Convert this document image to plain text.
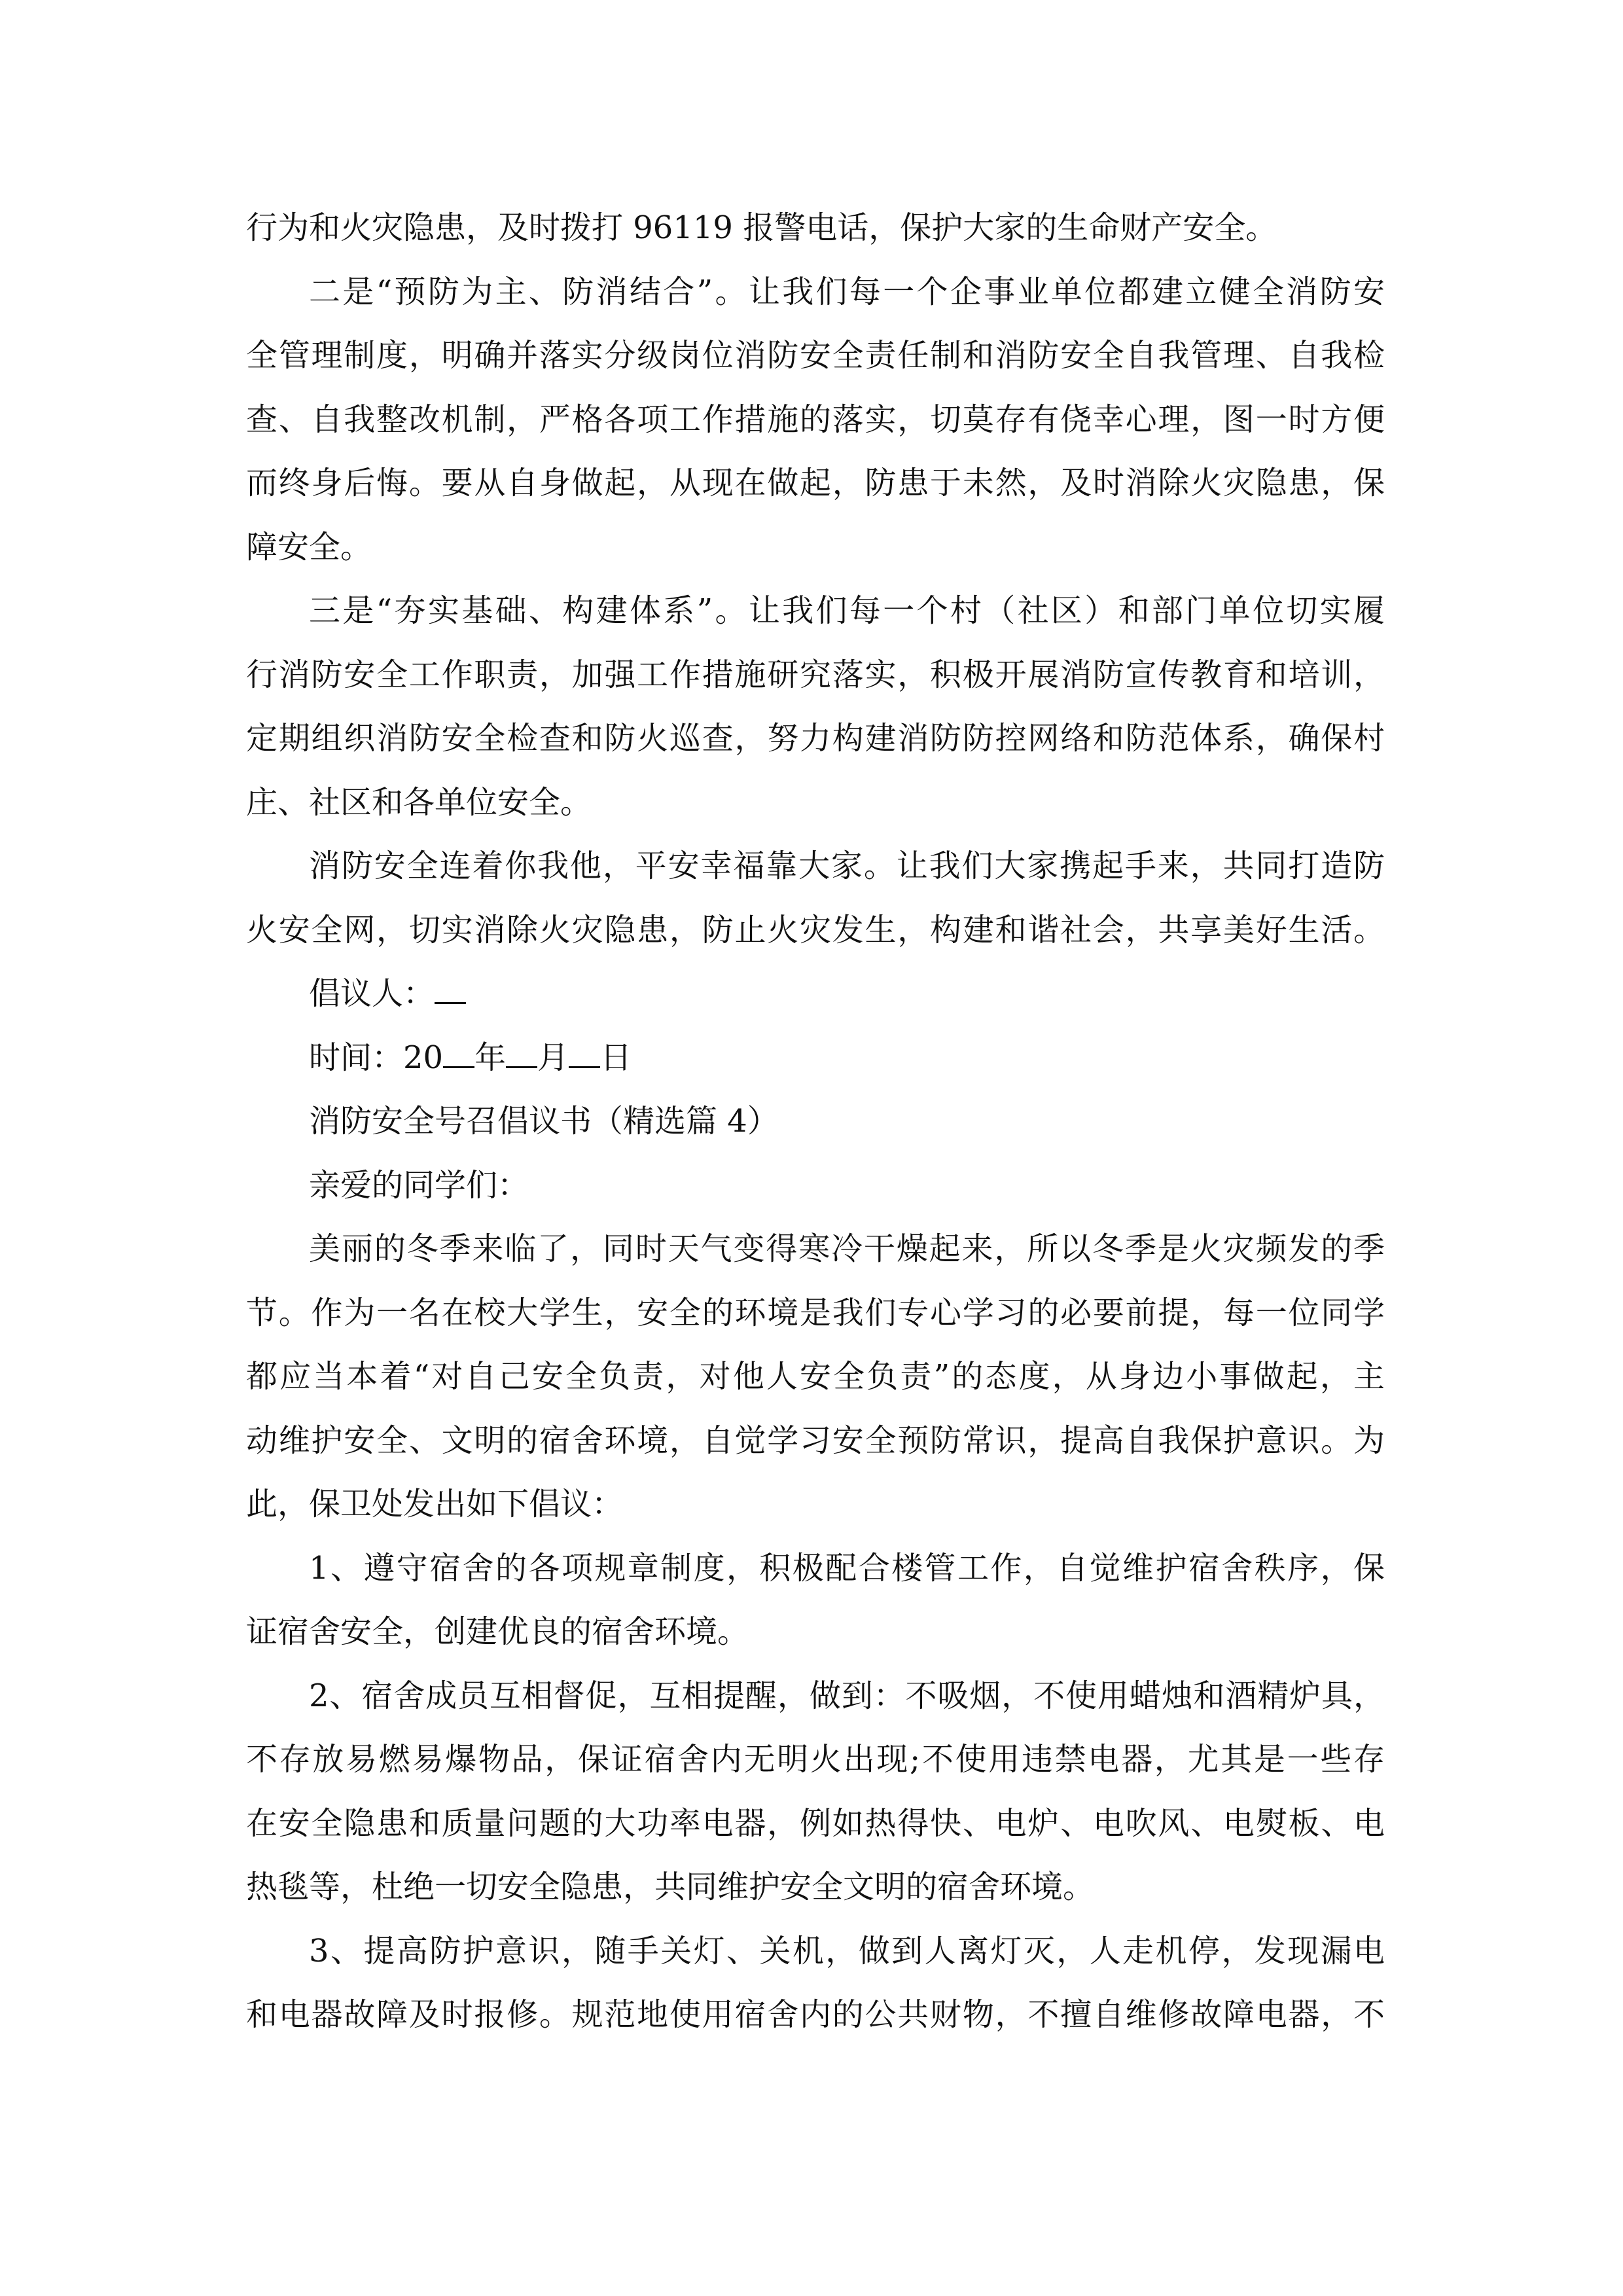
行为和火灾隐患，及时拨打 96119 报警电话，保护大家的生命财产安全。
二是“预防为主、防消结合”。让我们每一个企事业单位都建立健全消防安
全管理制度，明确并落实分级岗位消防安全责任制和消防安全自我管理、自我检
查、自我整改机制，严格各项工作措施的落实，切莫存有侥幸心理，图一时方便
而终身后悔。要从自身做起，从现在做起，防患于未然，及时消除火灾隐患，保
障安全。
三是“夯实基础、构建体系”。让我们每一个村（社区）和部门单位切实履
行消防安全工作职责，加强工作措施研究落实，积极开展消防宣传教育和培训，
定期组织消防安全检查和防火巡查，努力构建消防防控网络和防范体系，确保村
庄、社区和各单位安全。
消防安全连着你我他，平安幸福靠大家。让我们大家携起手来，共同打造防
火安全网，切实消除火灾隐患，防止火灾发生，构建和谐社会，共享美好生活。
倡议人：
时间：20 年 月 日
消防安全号召倡议书（精选篇 4）
亲爱的同学们：
美丽的冬季来临了，同时天气变得寒冷干燥起来，所以冬季是火灾频发的季
节。作为一名在校大学生，安全的环境是我们专心学习的必要前提，每一位同学
都应当本着“对自己安全负责，对他人安全负责”的态度，从身边小事做起，主
动维护安全、文明的宿舍环境，自觉学习安全预防常识，提高自我保护意识。为
此，保卫处发出如下倡议：
1、遵守宿舍的各项规章制度，积极配合楼管工作，自觉维护宿舍秩序，保
证宿舍安全，创建优良的宿舍环境。
2、宿舍成员互相督促，互相提醒，做到：不吸烟，不使用蜡烛和酒精炉具，
不存放易燃易爆物品，保证宿舍内无明火出现;不使用违禁电器，尤其是一些存
在安全隐患和质量问题的大功率电器，例如热得快、电炉、电吹风、电熨板、电
热毯等，杜绝一切安全隐患，共同维护安全文明的宿舍环境。
3、提高防护意识，随手关灯、关机，做到人离灯灭，人走机停，发现漏电
和电器故障及时报修。规范地使用宿舍内的公共财物，不擅自维修故障电器，不
